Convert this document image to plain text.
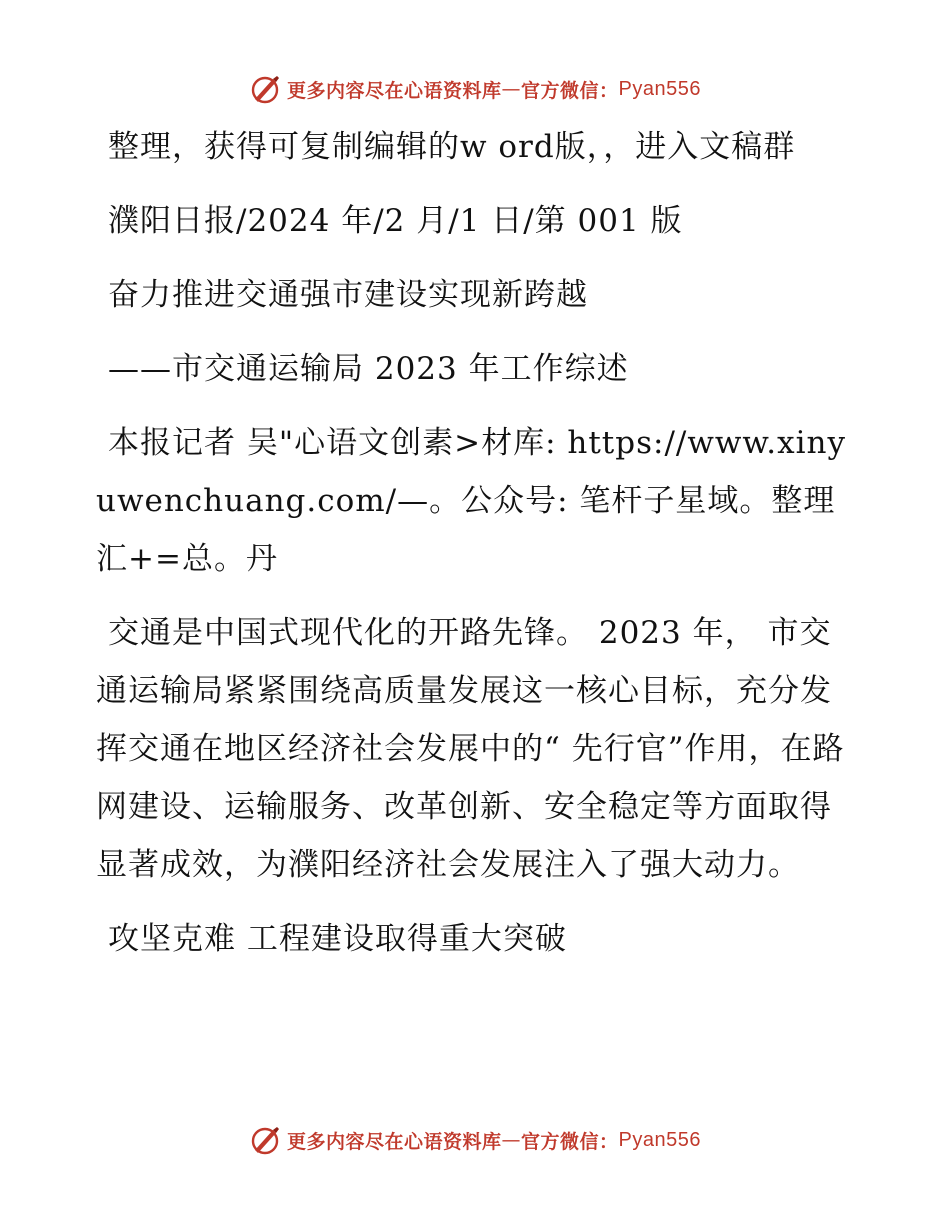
更多内容尽在心语资料库 — 官方微信： Pyan556

整理，获得可复制编辑的w ord版，，进入文稿群

濮阳日报/2024 年/2 月/1 日/第 001 版

奋力推进交通强市建设实现新跨越

——市交通运输局 2023 年工作综述

本报记者 吴"心语文创素>材库: https://www.xinyuwenchuang.com/—。公众号: 笔杆子星域。整理汇+=总。丹

交通是中国式现代化的开路先锋。 2023 年， 市交通运输局紧紧围绕高质量发展这一核心目标，充分发挥交通在地区经济社会发展中的“ 先行官”作用，在路网建设、运输服务、改革创新、安全稳定等方面取得显著成效，为濮阳经济社会发展注入了强大动力。

攻坚克难 工程建设取得重大突破

更多内容尽在心语资料库 — 官方微信： Pyan556
